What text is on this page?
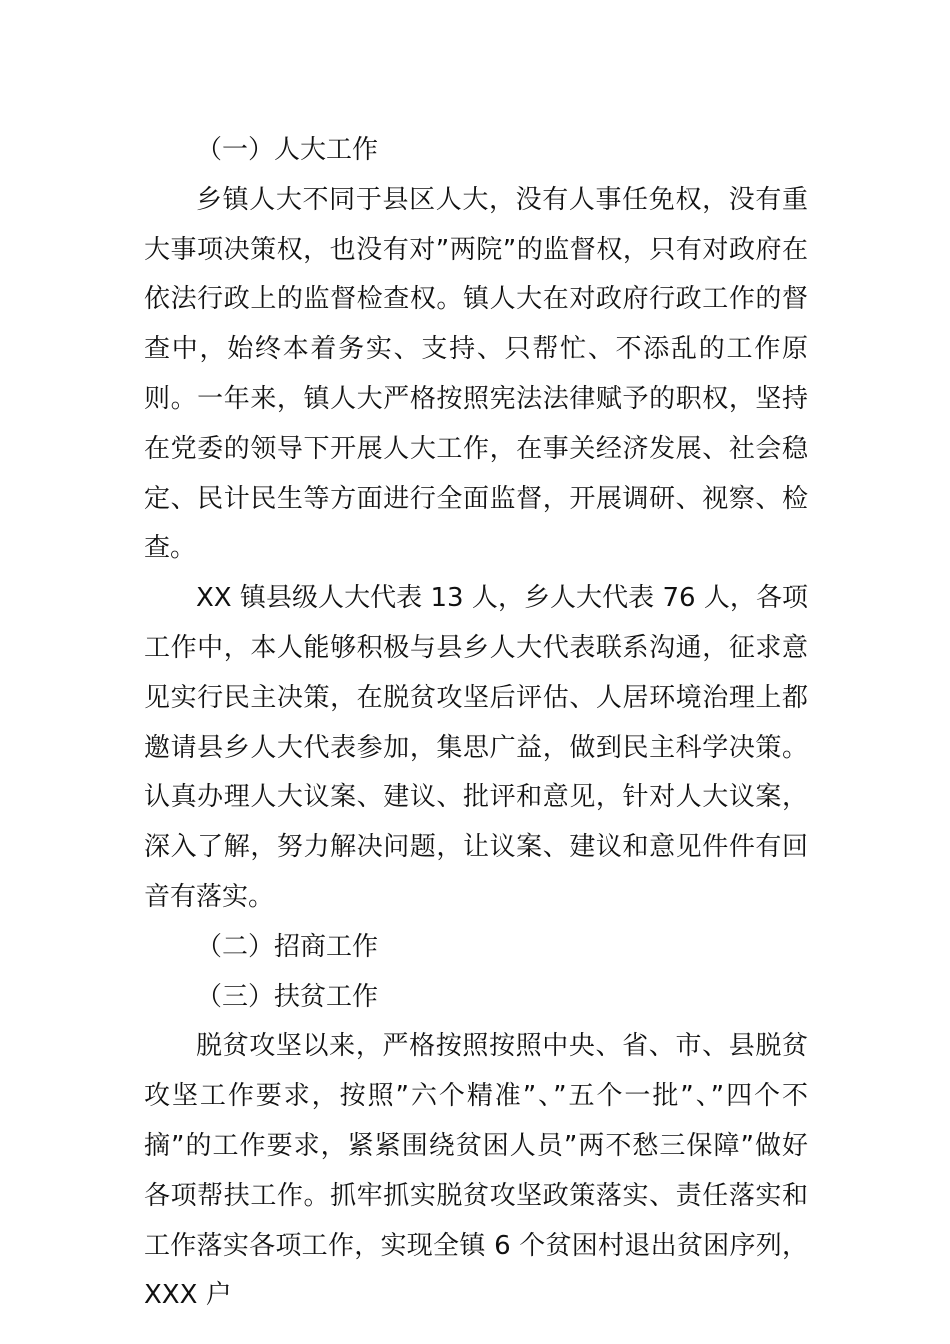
（一）人大工作

乡镇人大不同于县区人大，没有人事任免权，没有重大事项决策权，也没有对”两院”的监督权，只有对政府在依法行政上的监督检查权。镇人大在对政府行政工作的督查中，始终本着务实、支持、只帮忙、不添乱的工作原则。一年来，镇人大严格按照宪法法律赋予的职权，坚持在党委的领导下开展人大工作，在事关经济发展、社会稳定、民计民生等方面进行全面监督，开展调研、视察、检查。

XX 镇县级人大代表 13 人，乡人大代表 76 人，各项工作中，本人能够积极与县乡人大代表联系沟通，征求意见实行民主决策，在脱贫攻坚后评估、人居环境治理上都邀请县乡人大代表参加，集思广益，做到民主科学决策。认真办理人大议案、建议、批评和意见，针对人大议案，深入了解，努力解决问题，让议案、建议和意见件件有回音有落实。

（二）招商工作

（三）扶贫工作

脱贫攻坚以来，严格按照按照中央、省、市、县脱贫攻坚工作要求，按照”六个精准”、”五个一批”、”四个不摘”的工作要求，紧紧围绕贫困人员”两不愁三保障”做好各项帮扶工作。抓牢抓实脱贫攻坚政策落实、责任落实和工作落实各项工作，实现全镇 6 个贫困村退出贫困序列，XXX 户
